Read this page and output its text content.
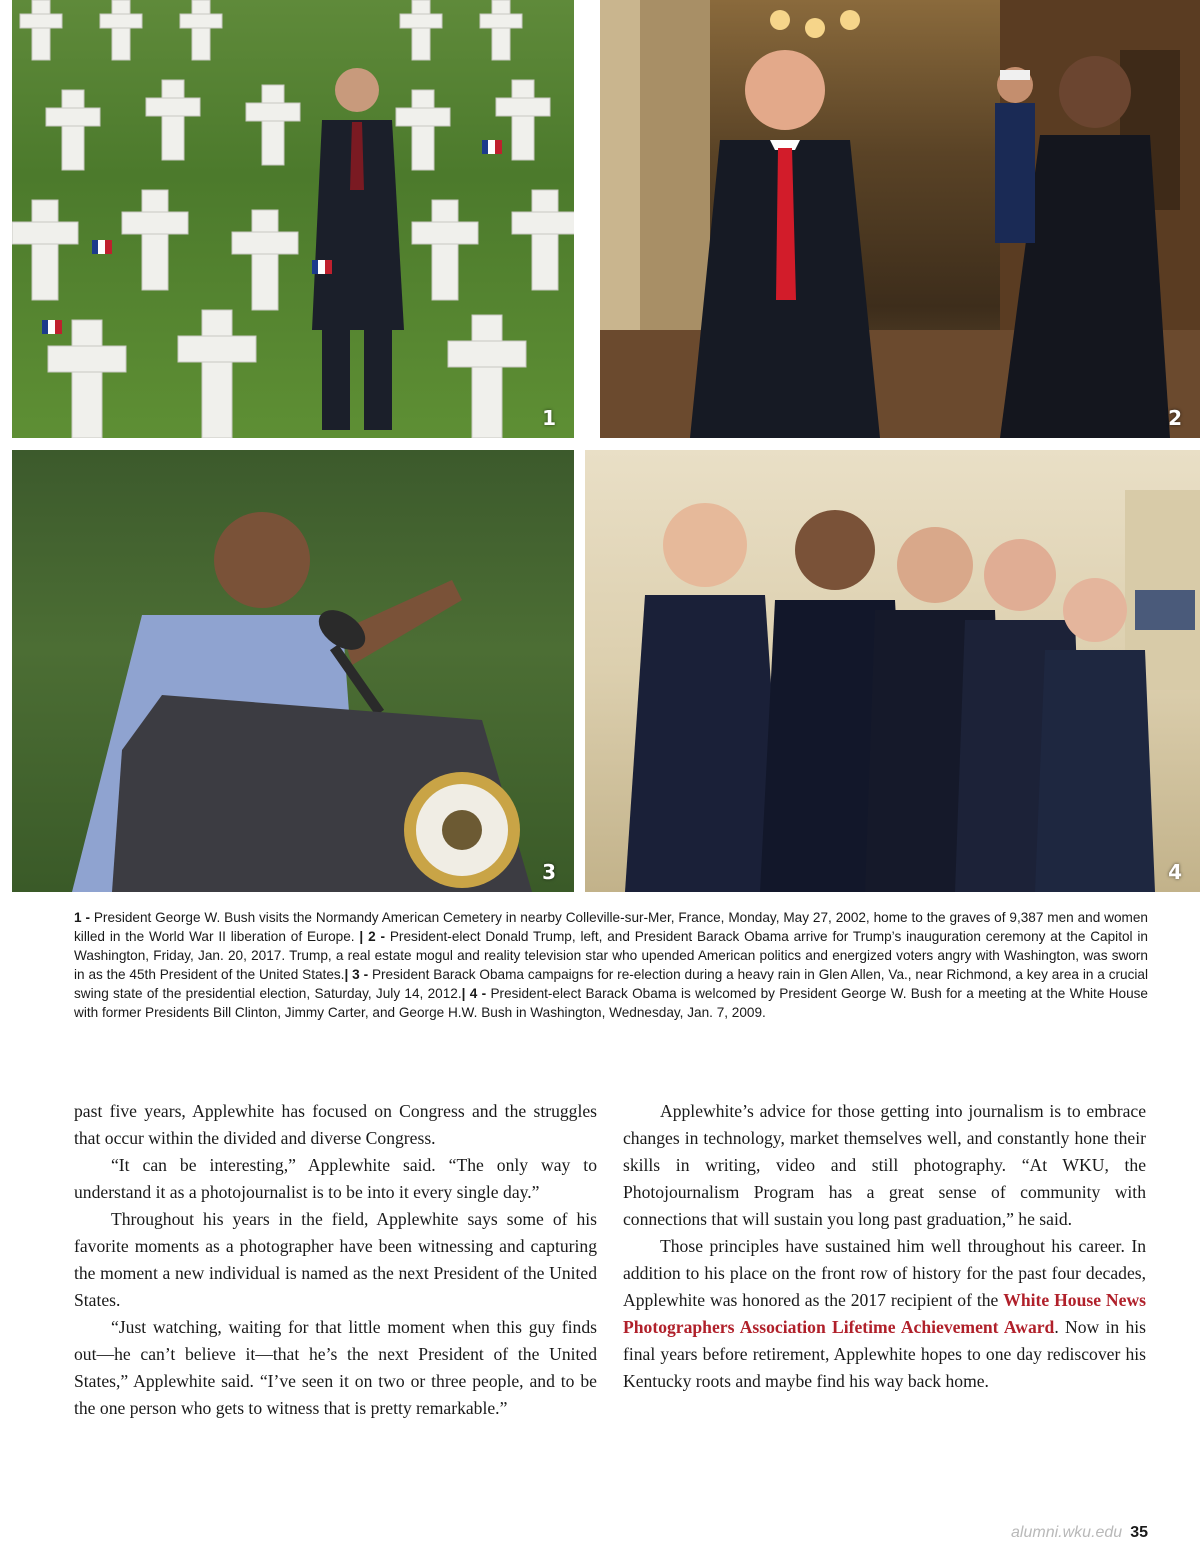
1	2
3	4
1 - President George W. Bush visits the Normandy American Cemetery in nearby Colleville-sur-Mer, France, Monday, May 27, 2002, home to the graves of 9,387 men and women killed in the World War II liberation of Europe. | 2 - President-elect Donald Trump, left, and President Barack Obama arrive for Trump’s inauguration ceremony at the Capitol in Washington, Friday, Jan. 20, 2017. Trump, a real estate mogul and reality television star who upended American politics and energized voters angry with Washington, was sworn in as the 45th President of the United States.| 3 - President Barack Obama campaigns for re-election during a heavy rain in Glen Allen, Va., near Richmond, a key area in a crucial swing state of the presidential election, Saturday, July 14, 2012.| 4 - President-elect Barack Obama is welcomed by President George W. Bush for a meeting at the White House with former Presidents Bill Clinton, Jimmy Carter, and George H.W. Bush in Washington, Wednesday, Jan. 7, 2009.

past five years, Applewhite has focused on Congress and the struggles that occur within the divided and diverse Congress.

“It can be interesting,” Applewhite said. “The only way to understand it as a photojournalist is to be into it every single day.”

Throughout his years in the field, Applewhite says some of his favorite moments as a photographer have been witnessing and capturing the moment a new individual is named as the next President of the United States.

“Just watching, waiting for that little moment when this guy finds out—he can’t believe it—that he’s the next President of the United States,” Applewhite said. “I’ve seen it on two or three people, and to be the one person who gets to witness that is pretty remarkable.”

Applewhite’s advice for those getting into journalism is to embrace changes in technology, market themselves well, and constantly hone their skills in writing, video and still photography. “At WKU, the Photojournalism Program has a great sense of community with connections that will sustain you long past graduation,” he said.

Those principles have sustained him well throughout his career. In addition to his place on the front row of history for the past four decades, Applewhite was honored as the 2017 recipient of the White House News Photographers Association Lifetime Achievement Award. Now in his final years before retirement, Applewhite hopes to one day rediscover his Kentucky roots and maybe find his way back home.

alumni.wku.edu 35
